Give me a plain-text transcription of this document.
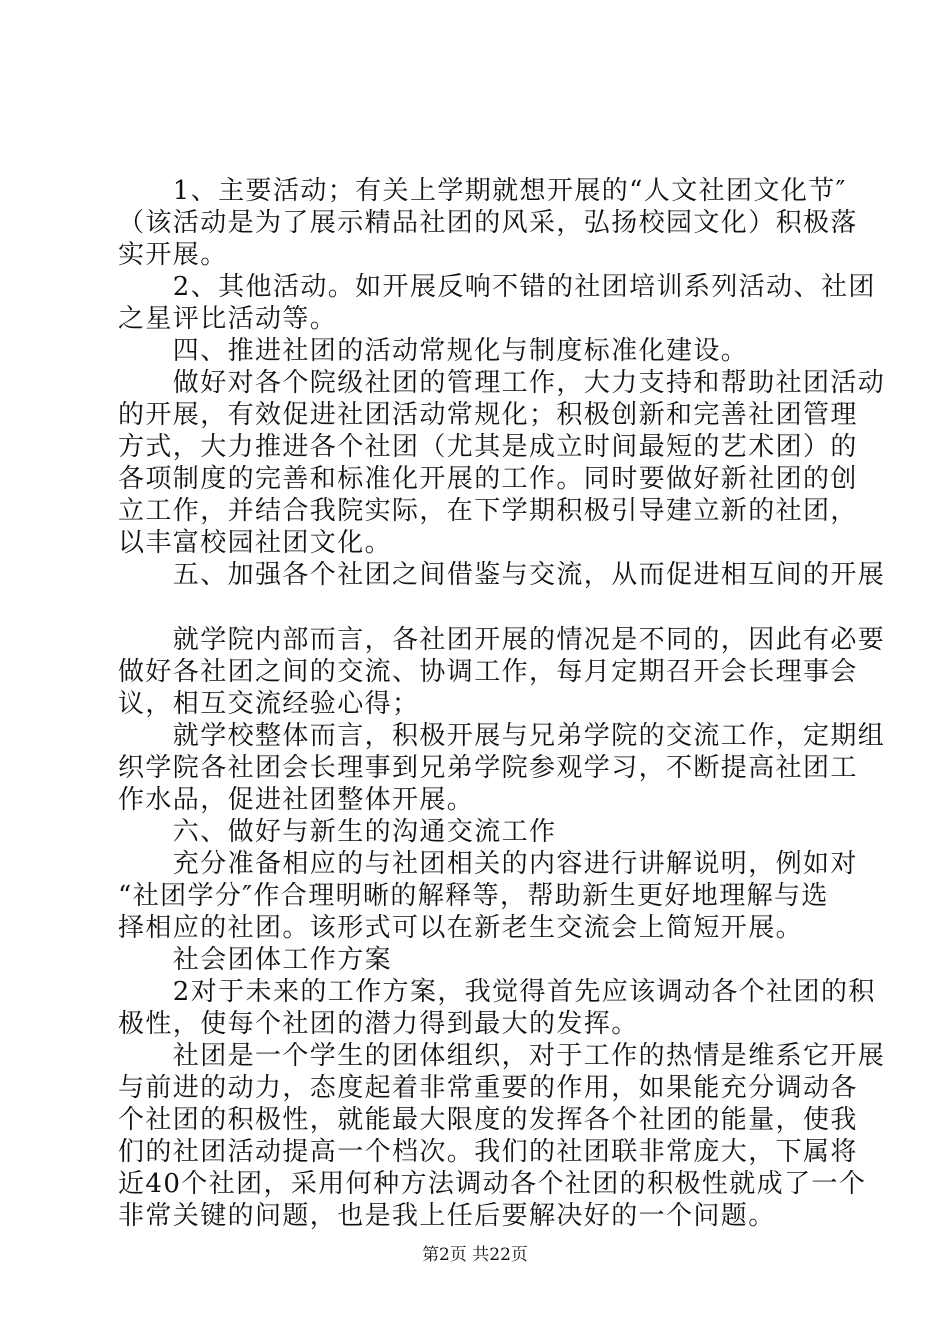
　　1、主要活动；有关上学期就想开展的“人文社团文化节″
（该活动是为了展示精品社团的风采，弘扬校园文化）积极落
实开展。
　　2、其他活动。如开展反响不错的社团培训系列活动、社团
之星评比活动等。
　　四、推进社团的活动常规化与制度标准化建设。
　　做好对各个院级社团的管理工作，大力支持和帮助社团活动
的开展，有效促进社团活动常规化；积极创新和完善社团管理
方式，大力推进各个社团（尤其是成立时间最短的艺术团）的
各项制度的完善和标准化开展的工作。同时要做好新社团的创
立工作，并结合我院实际，在下学期积极引导建立新的社团，
以丰富校园社团文化。
　　五、加强各个社团之间借鉴与交流，从而促进相互间的开展
　　就学院内部而言，各社团开展的情况是不同的，因此有必要
做好各社团之间的交流、协调工作，每月定期召开会长理事会
议，相互交流经验心得；
　　就学校整体而言，积极开展与兄弟学院的交流工作，定期组
织学院各社团会长理事到兄弟学院参观学习，不断提高社团工
作水品，促进社团整体开展。
　　六、做好与新生的沟通交流工作
　　充分准备相应的与社团相关的内容进行讲解说明，例如对
“社团学分″作合理明晰的解释等，帮助新生更好地理解与选
择相应的社团。该形式可以在新老生交流会上简短开展。
　　社会团体工作方案
　　2对于未来的工作方案，我觉得首先应该调动各个社团的积
极性，使每个社团的潜力得到最大的发挥。
　　社团是一个学生的团体组织，对于工作的热情是维系它开展
与前进的动力，态度起着非常重要的作用，如果能充分调动各
个社团的积极性，就能最大限度的发挥各个社团的能量，使我
们的社团活动提高一个档次。我们的社团联非常庞大，下属将
近40个社团，采用何种方法调动各个社团的积极性就成了一个
非常关键的问题，也是我上任后要解决好的一个问题。
第2页 共22页
